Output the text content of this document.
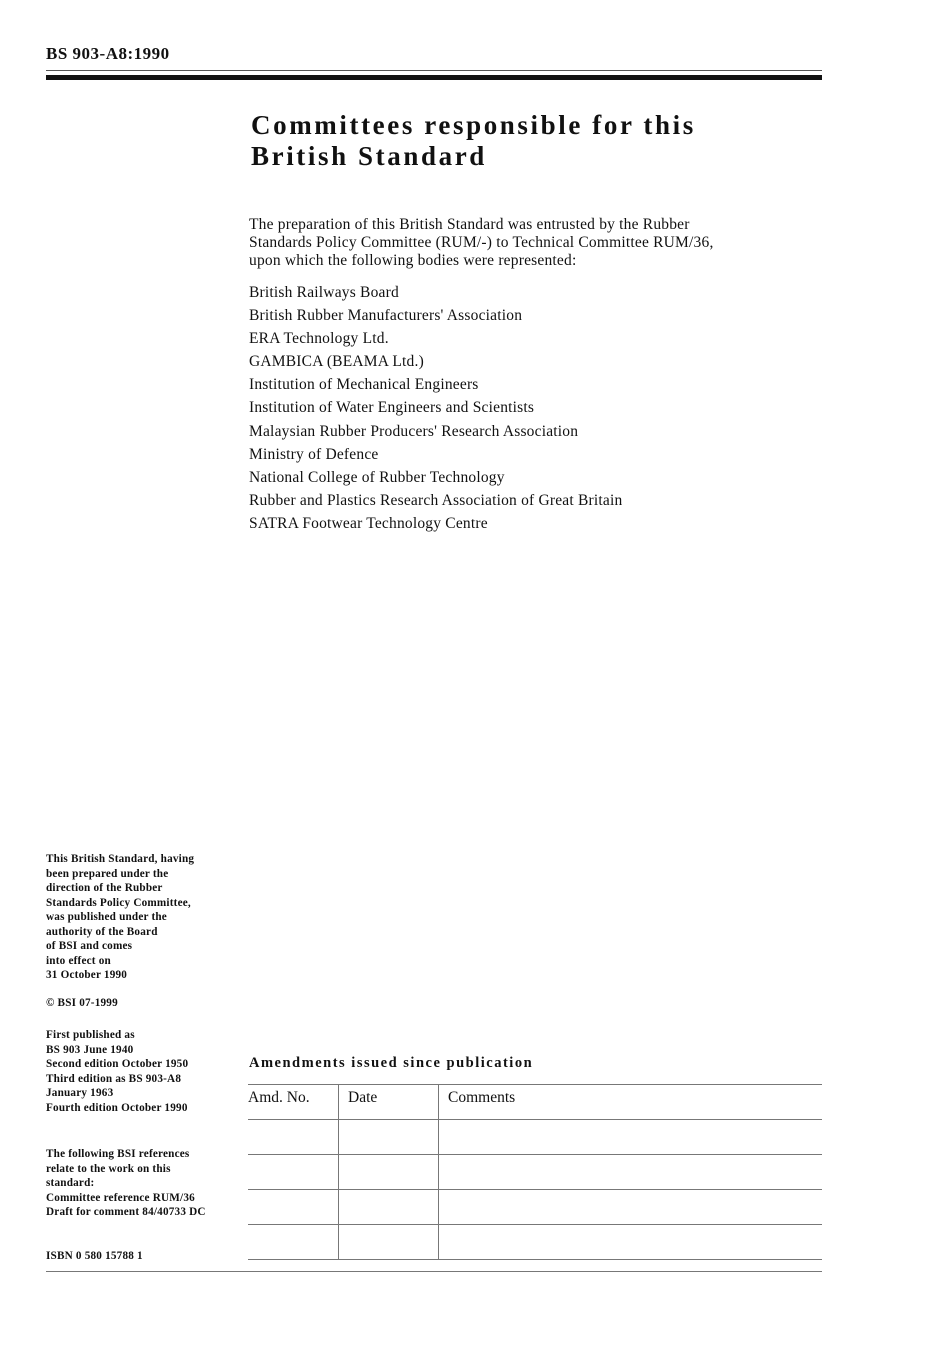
BS 903-A8:1990
Committees responsible for this
British Standard

The preparation of this British Standard was entrusted by the Rubber
Standards Policy Committee (RUM/-) to Technical Committee RUM/36,
upon which the following bodies were represented:

British Railways Board
British Rubber Manufacturers' Association
ERA Technology Ltd.
GAMBICA (BEAMA Ltd.)
Institution of Mechanical Engineers
Institution of Water Engineers and Scientists
Malaysian Rubber Producers' Research Association
Ministry of Defence
National College of Rubber Technology
Rubber and Plastics Research Association of Great Britain
SATRA Footwear Technology Centre

This British Standard, having
been prepared under the
direction of the Rubber
Standards Policy Committee,
was published under the
authority of the Board
of BSI and comes
into effect on
31 October 1990

© BSI 07-1999

First published as
BS 903 June 1940
Second edition October 1950
Third edition as BS 903-A8
January 1963
Fourth edition October 1990

The following BSI references
relate to the work on this
standard:
Committee reference RUM/36
Draft for comment 84/40733 DC

ISBN 0 580 15788 1

Amendments issued since publication
Amd. No.	Date	Comments
